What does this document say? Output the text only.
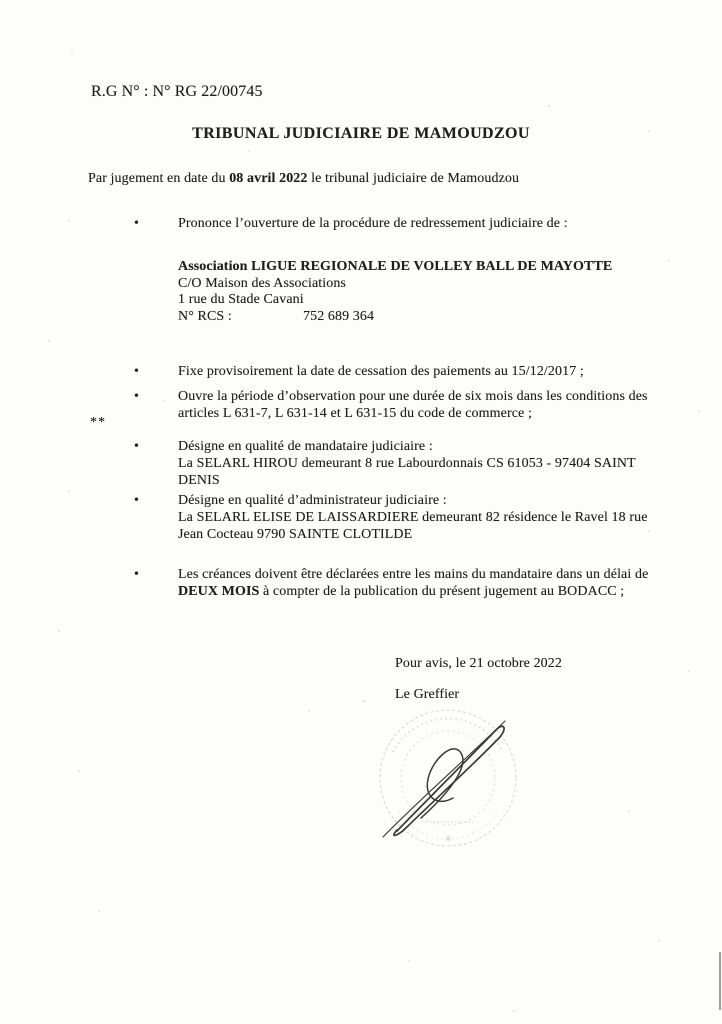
R.G N° : N° RG 22/00745
TRIBUNAL JUDICIAIRE DE MAMOUDZOU
Par jugement en date du 08 avril 2022 le tribunal judiciaire de Mamoudzou
•	Prononce l’ouverture de la procédure de redressement judiciaire de :
Association LIGUE REGIONALE DE VOLLEY BALL DE MAYOTTE
C/O Maison des Associations
1 rue du Stade Cavani
N° RCS :	752 689 364
•	Fixe provisoirement la date de cessation des paiements au 15/12/2017 ;
•	Ouvre la période d’observation pour une durée de six mois dans les conditions des
articles L 631-7, L 631-14 et L 631-15 du code de commerce ;
**
•	Désigne en qualité de mandataire judiciaire :
La SELARL HIROU demeurant 8 rue Labourdonnais CS 61053 - 97404 SAINT
DENIS
•	Désigne en qualité d’administrateur judiciaire :
La SELARL ELISE DE LAISSARDIERE demeurant 82 résidence le Ravel 18 rue
Jean Cocteau 9790 SAINTE CLOTILDE
•	Les créances doivent être déclarées entre les mains du mandataire dans un délai de
DEUX MOIS à compter de la publication du présent jugement au BODACC ;
Pour avis, le 21 octobre 2022
Le Greffier
✳
